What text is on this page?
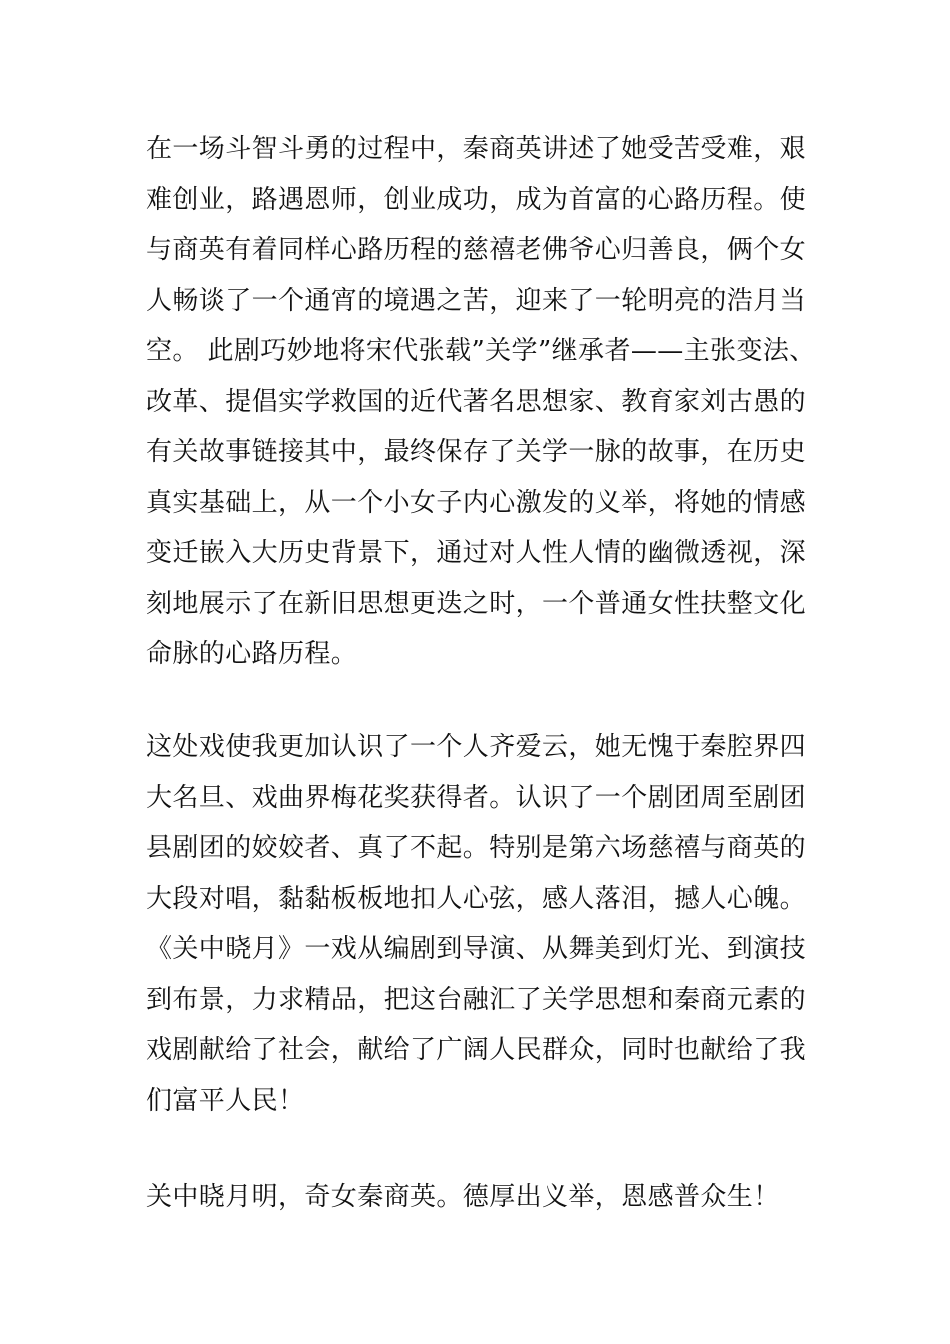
在一场斗智斗勇的过程中，秦商英讲述了她受苦受难，艰
难创业，路遇恩师，创业成功，成为首富的心路历程。使
与商英有着同样心路历程的慈禧老佛爷心归善良，俩个女
人畅谈了一个通宵的境遇之苦，迎来了一轮明亮的浩月当
空。 此剧巧妙地将宋代张载”关学”继承者——主张变法、
改革、提倡实学救国的近代著名思想家、教育家刘古愚的
有关故事链接其中，最终保存了关学一脉的故事，在历史
真实基础上，从一个小女子内心激发的义举，将她的情感
变迁嵌入大历史背景下，通过对人性人情的幽微透视，深
刻地展示了在新旧思想更迭之时，一个普通女性扶整文化
命脉的心路历程。
这处戏使我更加认识了一个人齐爱云，她无愧于秦腔界四
大名旦、戏曲界梅花奖获得者。认识了一个剧团周至剧团
县剧团的姣姣者、真了不起。特别是第六场慈禧与商英的
大段对唱，黏黏板板地扣人心弦，感人落泪，撼人心魄。
《关中晓月》一戏从编剧到导演、从舞美到灯光、到演技
到布景，力求精品，把这台融汇了关学思想和秦商元素的
戏剧献给了社会，献给了广阔人民群众，同时也献给了我
们富平人民！
关中晓月明，奇女秦商英。德厚出义举，恩感普众生！
